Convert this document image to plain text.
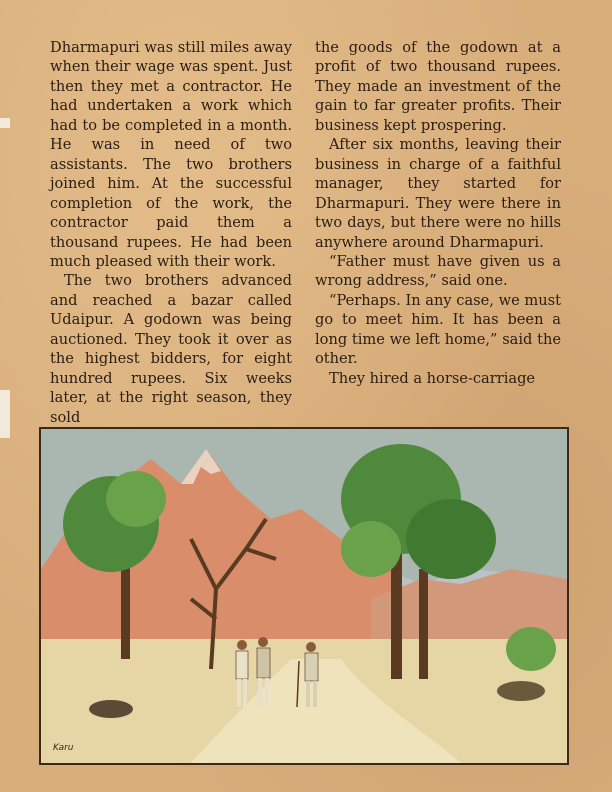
Dharmapuri was still miles away when their wage was spent. Just then they met a contractor. He had undertaken a work which had to be completed in a month. He was in need of two assistants. The two brothers joined him. At the successful completion of the work, the contractor paid them a thousand rupees. He had been much pleased with their work.

The two brothers advanced and reached a bazar called Udaipur. A godown was being auctioned. They took it over as the highest bidders, for eight hundred rupees. Six weeks later, at the right season, they sold

the goods of the godown at a profit of two thousand rupees. They made an investment of the gain to far greater profits. Their business kept prospering.

After six months, leaving their business in charge of a faithful manager, they started for Dharmapuri. They were there in two days, but there were no hills anywhere around Dharmapuri.

“Father must have given us a wrong address,” said one.

“Perhaps. In any case, we must go to meet him. It has been a long time we left home,” said the other.

They hired a horse-carriage

Karu
